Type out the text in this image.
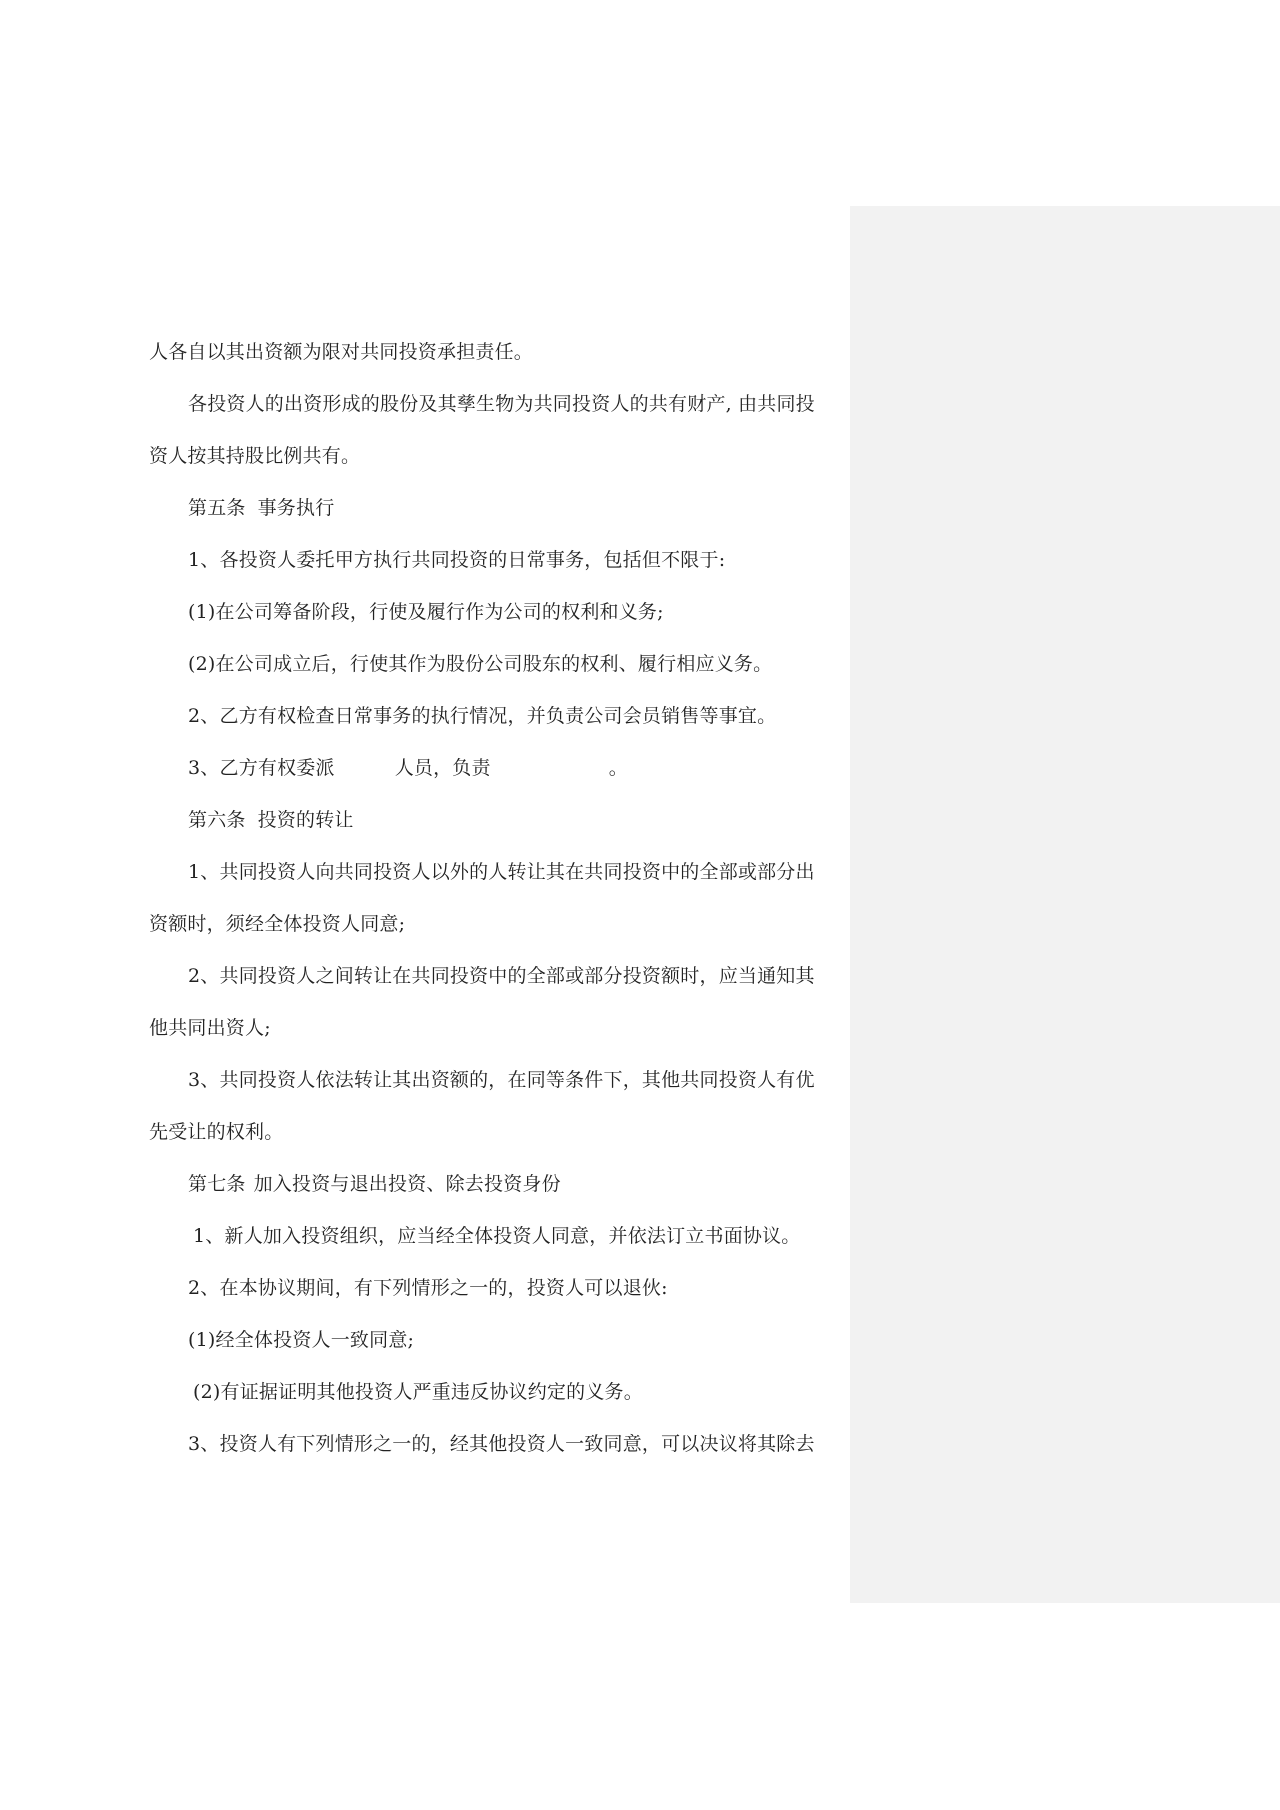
人各自以其出资额为限对共同投资承担责任。
各投资人的出资形成的股份及其孳生物为共同投资人的共有财产, 由共同投
资人按其持股比例共有。
第五条 事务执行
1、各投资人委托甲方执行共同投资的日常事务，包括但不限于:
(1)在公司筹备阶段，行使及履行作为公司的权利和义务;
(2)在公司成立后，行使其作为股份公司股东的权利、履行相应义务。
2、乙方有权检查日常事务的执行情况，并负责公司会员销售等事宜。
3、乙方有权委派	人员，负责	。
第六条 投资的转让
1、共同投资人向共同投资人以外的人转让其在共同投资中的全部或部分出
资额时，须经全体投资人同意;
2、共同投资人之间转让在共同投资中的全部或部分投资额时，应当通知其
他共同出资人;
3、共同投资人依法转让其出资额的，在同等条件下，其他共同投资人有优
先受让的权利。
第七条 加入投资与退出投资、除去投资身份
1、新人加入投资组织，应当经全体投资人同意，并依法订立书面协议。
2、在本协议期间，有下列情形之一的，投资人可以退伙:
(1)经全体投资人一致同意;
(2)有证据证明其他投资人严重违反协议约定的义务。
3、投资人有下列情形之一的，经其他投资人一致同意，可以决议将其除去
